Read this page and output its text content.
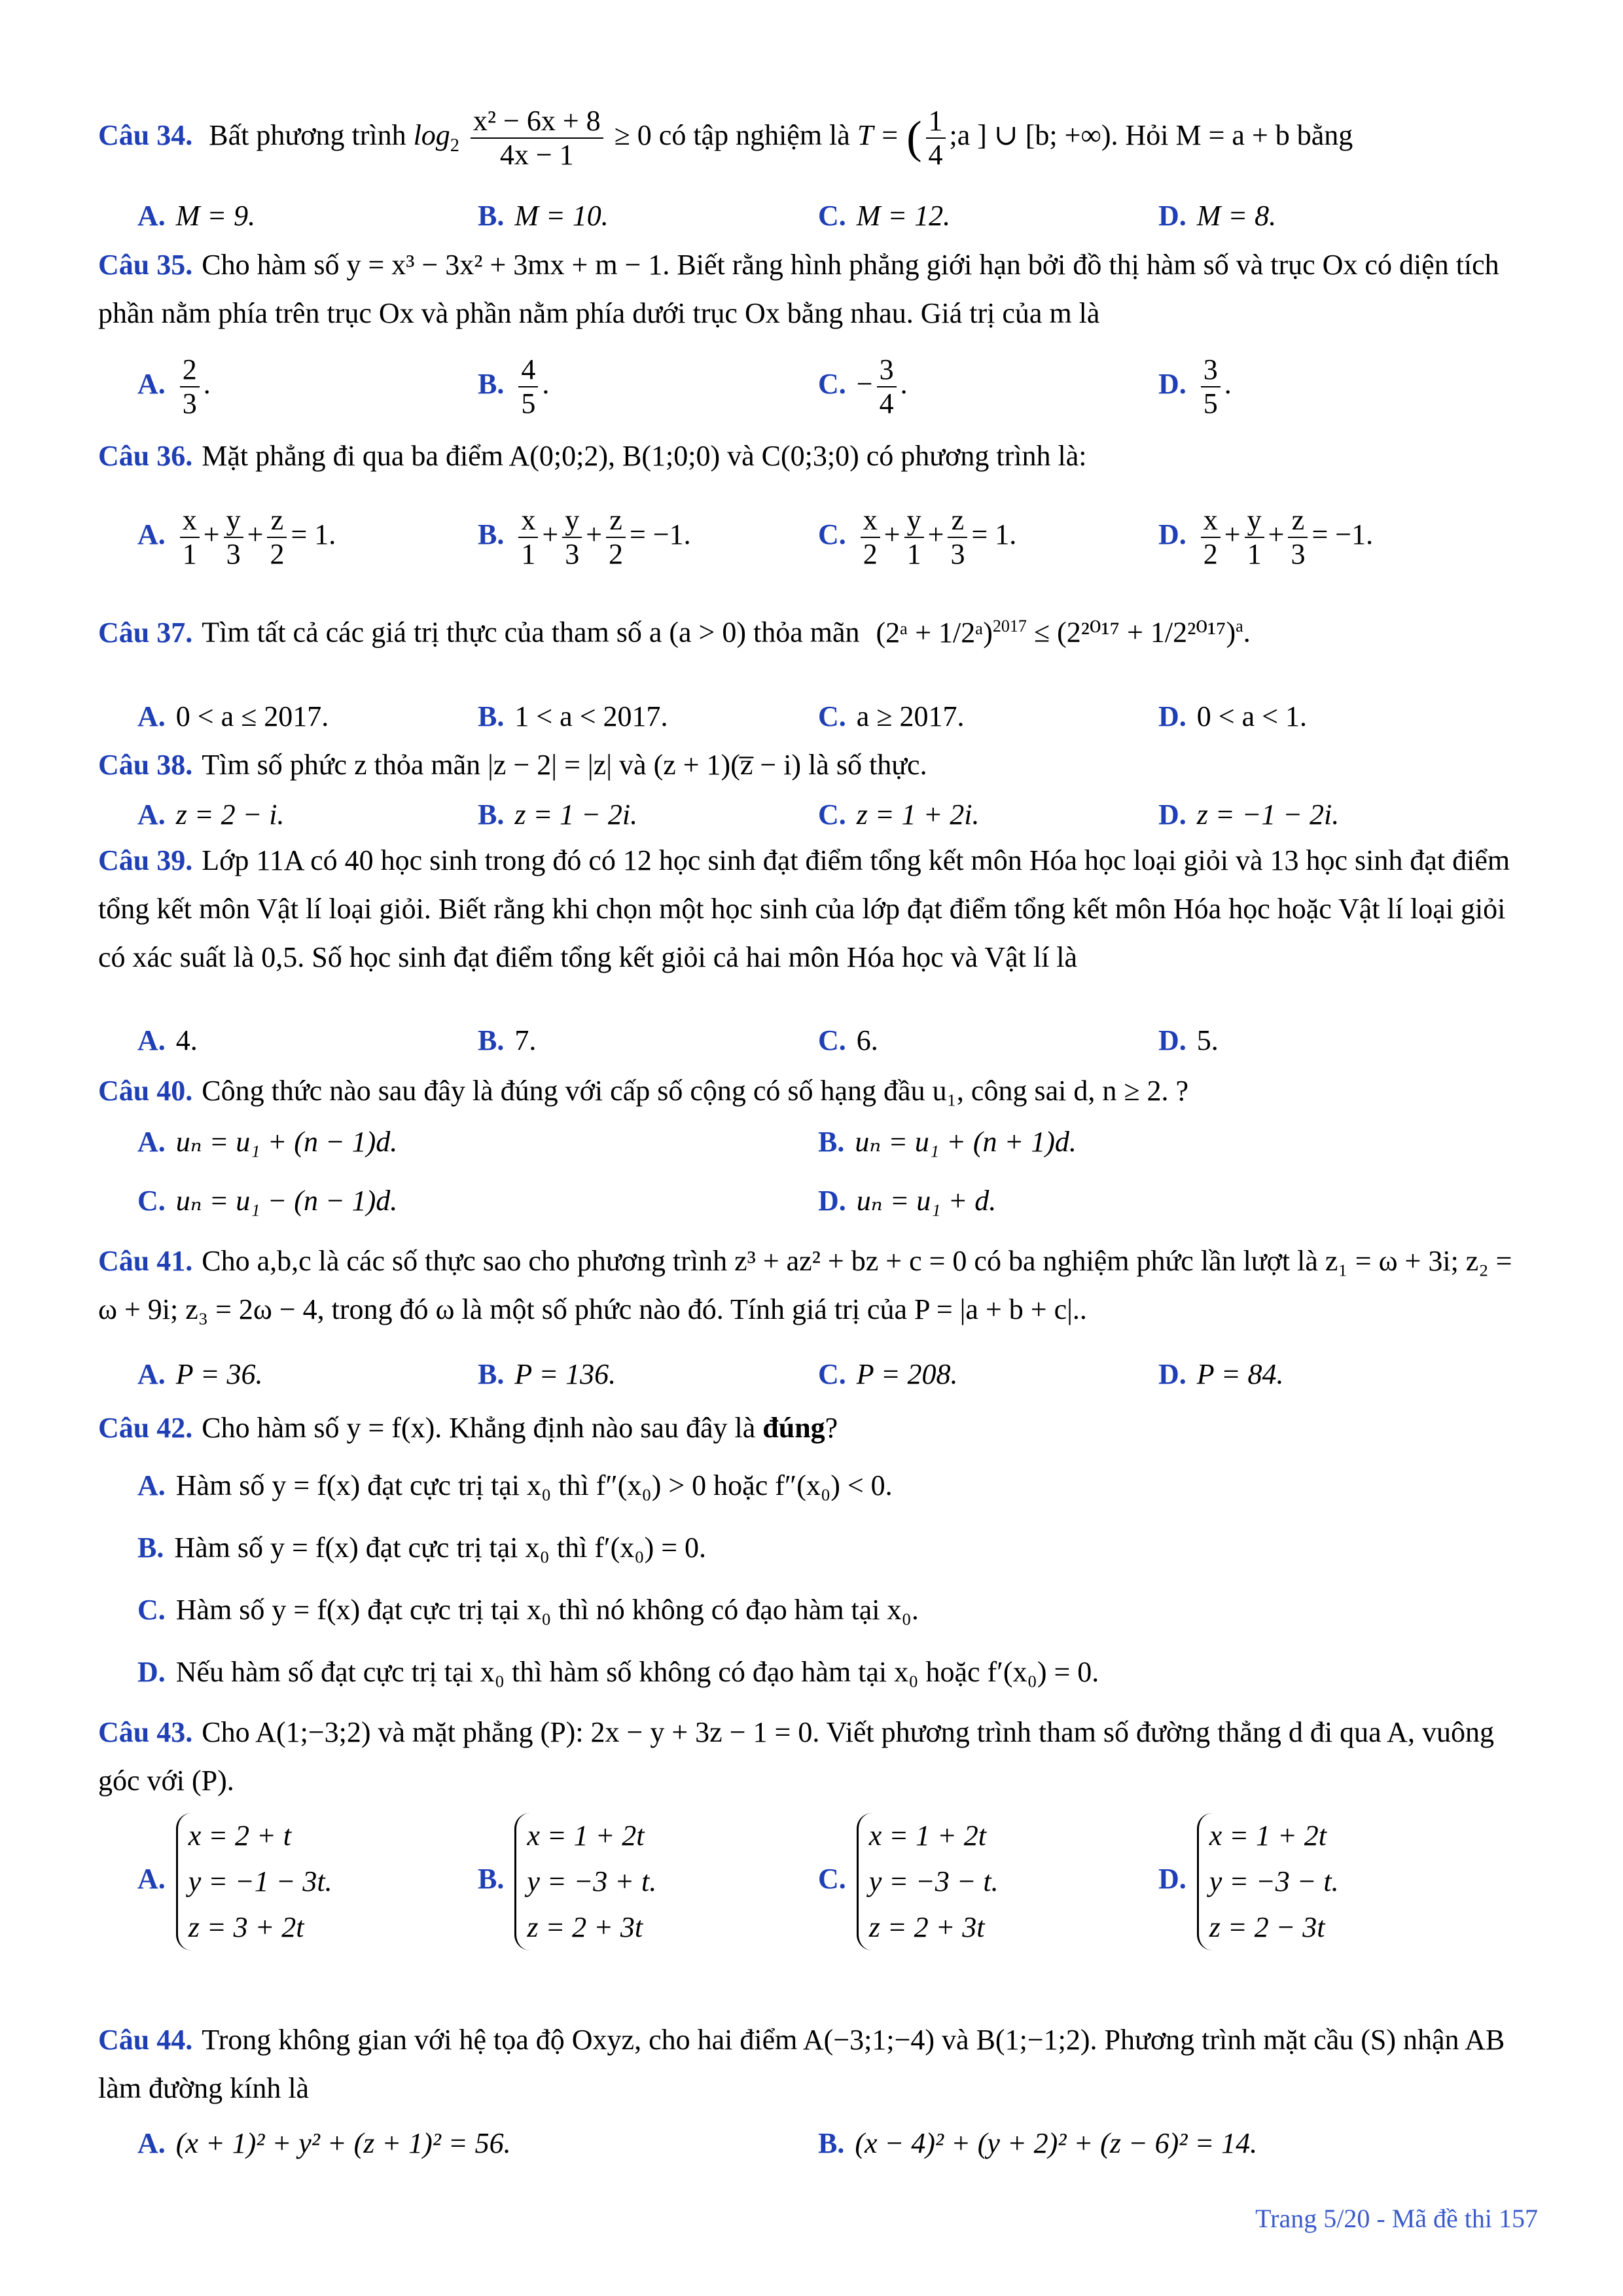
Câu 34. Bất phương trình $\log_2 \frac{\text{x² − 6x + 8}}{4x - 1} \ge 0$ có tập nghiệm là T = ( $\frac{1}{4}$ ;a ] ∪ [b; +∞). Hỏi M = a + b bằng
A. M = 9.	B. M = 10.	C. M = 12.	D. M = 8.
Câu 35. Cho hàm số y = x³ − 3x² + 3mx + m − 1. Biết rằng hình phẳng giới hạn bởi đồ thị hàm số và trục Ox có diện tích phần nằm phía trên trục Ox và phần nằm phía dưới trục Ox bằng nhau. Giá trị của m là
A. $\frac{2}{3}$ .	B. $\frac{4}{5}$ .	C. − $\frac{3}{4}$ .	D. $\frac{3}{5}$ .
Câu 36. Mặt phẳng đi qua ba điểm A(0;0;2), B(1;0;0) và C(0;3;0) có phương trình là:
A. $\frac{x}{1} + \frac{y}{3} + \frac{z}{2} = 1$.	B. $\frac{x}{1} + \frac{y}{3} + \frac{z}{2} = -1$.	C. $\frac{x}{2} + \frac{y}{1} + \frac{z}{3} = 1$.	D. $\frac{x}{2} + \frac{y}{1} + \frac{z}{3} = -1$.
Câu 37. Tìm tất cả các giá trị thực của tham số a (a > 0) thỏa mãn (2ᵃ + 1/2ᵃ)$^{2017}$ ≤ $(2^{2017} + 1/2^{2017})^a$.
A. 0 < a ≤ 2017.	B. 1 < a < 2017.	C. a ≥ 2017.	D. 0 < a < 1.
Câu 38. Tìm số phức z thỏa mãn |z − 2| = |z| và (z + 1)(z̅ − i) là số thực.
A. z = 2 − i.	B. z = 1 − 2i.	C. z = 1 + 2i.	D. z = −1 − 2i.
Câu 39. Lớp 11A có 40 học sinh trong đó có 12 học sinh đạt điểm tổng kết môn Hóa học loại giỏi và 13 học sinh đạt điểm tổng kết môn Vật lí loại giỏi. Biết rằng khi chọn một học sinh của lớp đạt điểm tổng kết môn Hóa học hoặc Vật lí loại giỏi có xác suất là 0,5. Số học sinh đạt điểm tổng kết giỏi cả hai môn Hóa học và Vật lí là
A. 4.	B. 7.	C. 6.	D. 5.
Câu 40. Công thức nào sau đây là đúng với cấp số cộng có số hạng đầu u₁, công sai d, n ≥ 2. ?
A. uₙ = u₁ + (n − 1)d.	B. uₙ = u₁ + (n + 1)d.
C. uₙ = u₁ − (n − 1)d.	D. uₙ = u₁ + d.
Câu 41. Cho a,b,c là các số thực sao cho phương trình z³ + az² + bz + c = 0 có ba nghiệm phức lần lượt là z₁ = ω + 3i; z₂ = ω + 9i; z₃ = 2ω − 4, trong đó ω là một số phức nào đó. Tính giá trị của P = |a + b + c|..
A. P = 36.	B. P = 136.	C. P = 208.	D. P = 84.
Câu 42. Cho hàm số y = f(x). Khẳng định nào sau đây là đúng?
A. Hàm số y = f(x) đạt cực trị tại x₀ thì f″(x₀) > 0 hoặc f″(x₀) < 0.
B. Hàm số y = f(x) đạt cực trị tại x₀ thì f′(x₀) = 0.
C. Hàm số y = f(x) đạt cực trị tại x₀ thì nó không có đạo hàm tại x₀.
D. Nếu hàm số đạt cực trị tại x₀ thì hàm số không có đạo hàm tại x₀ hoặc f′(x₀) = 0.
Câu 43. Cho A(1;−3;2) và mặt phẳng (P): 2x − y + 3z − 1 = 0. Viết phương trình tham số đường thẳng d đi qua A, vuông góc với (P).
A.
x = 2 + t
y = −1 − 3t.
z = 3 + 2t
B.
x = 1 + 2t
y = −3 + t.
z = 2 + 3t
C.
x = 1 + 2t
y = −3 − t.
z = 2 + 3t
D.
x = 1 + 2t
y = −3 − t.
z = 2 − 3t
Câu 44. Trong không gian với hệ tọa độ Oxyz, cho hai điểm A(−3;1;−4) và B(1;−1;2). Phương trình mặt cầu (S) nhận AB làm đường kính là
A. (x + 1)² + y² + (z + 1)² = 56.	B. (x − 4)² + (y + 2)² + (z − 6)² = 14.
Trang 5/20 - Mã đề thi 157
